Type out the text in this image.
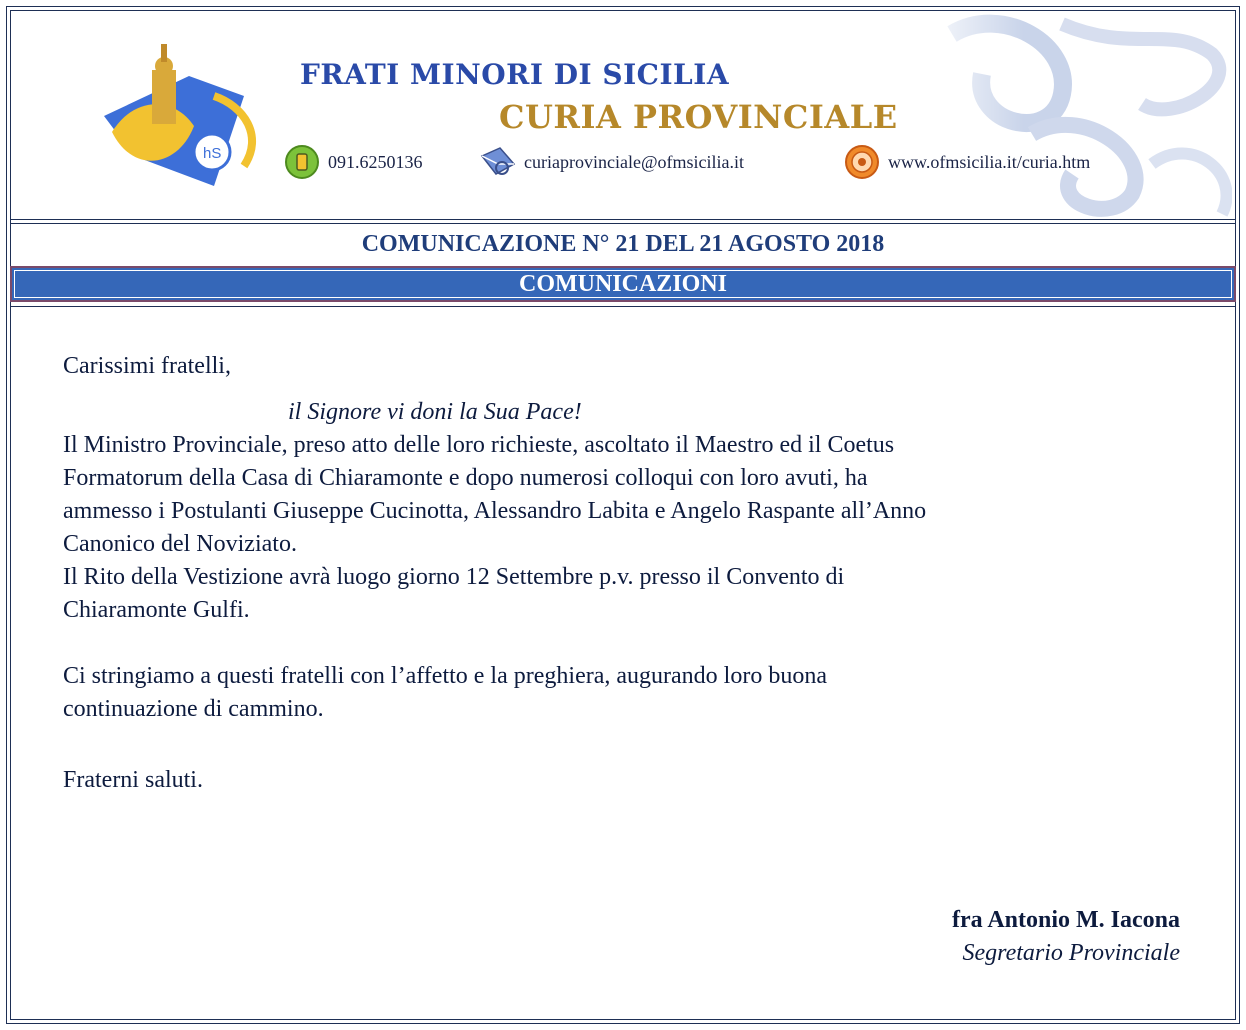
hS
FRATI MINORI DI SICILIA
CURIA PROVINCIALE
091.6250136	curiaprovinciale@ofmsicilia.it	www.ofmsicilia.it/curia.htm
COMUNICAZIONE N° 21 DEL 21 AGOSTO 2018
COMUNICAZIONI

Carissimi fratelli,

il Signore vi doni la Sua Pace!

Il Ministro Provinciale, preso atto delle loro richieste, ascoltato il Maestro ed il Coetus

Formatorum della Casa di Chiaramonte e dopo numerosi colloqui con loro avuti, ha

ammesso i Postulanti Giuseppe Cucinotta, Alessandro Labita e Angelo Raspante all’Anno

Canonico del Noviziato.

Il Rito della Vestizione avrà luogo giorno 12 Settembre p.v. presso il Convento di

Chiaramonte Gulfi.

Ci stringiamo a questi fratelli con l’affetto e la preghiera, augurando loro buona

continuazione di cammino.

Fraterni saluti.

fra Antonio M. Iacona
Segretario Provinciale
